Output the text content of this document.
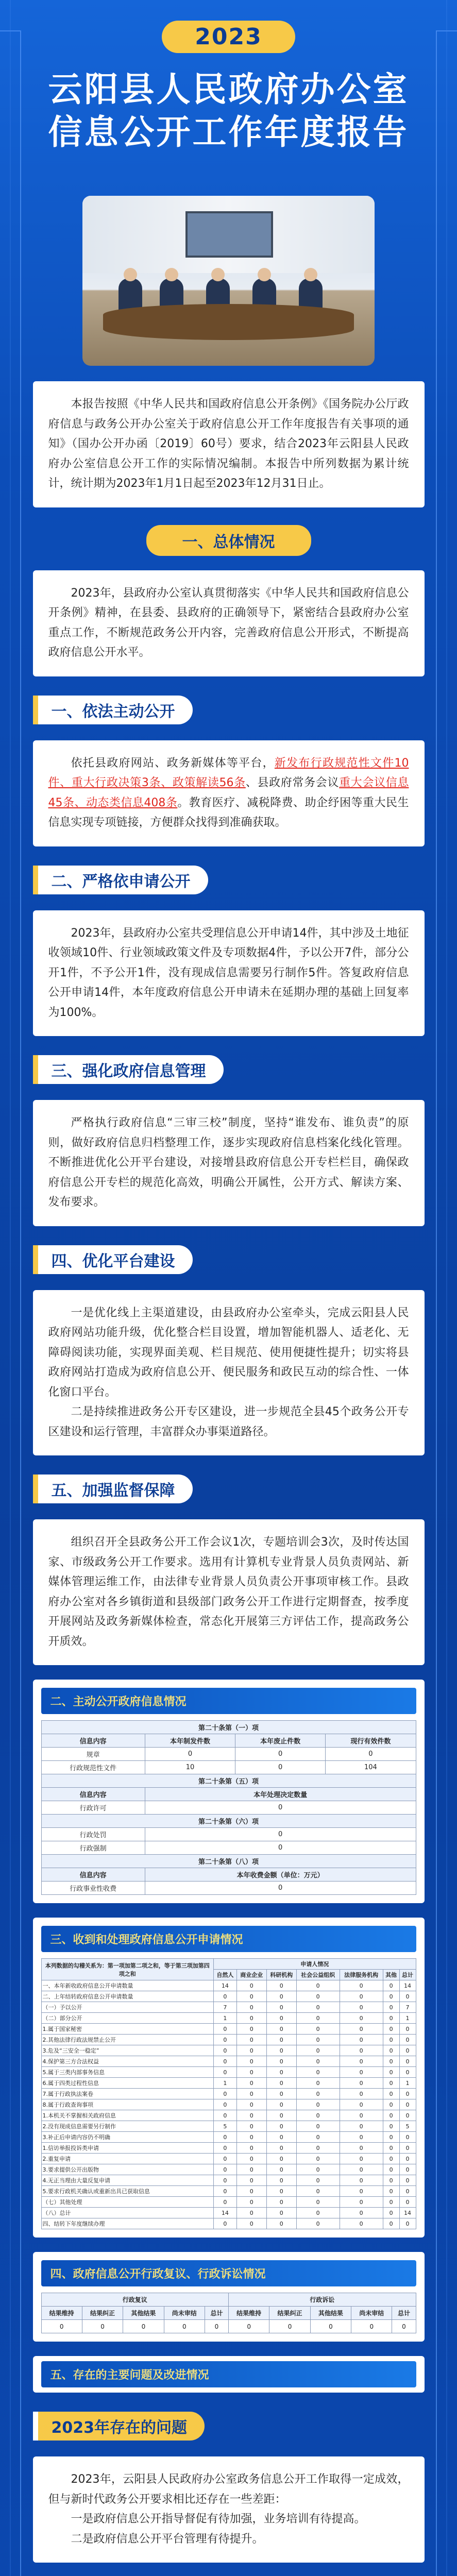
2023
云阳县人民政府办公室
信息公开工作年度报告

本报告按照《中华人民共和国政府信息公开条例》《国务院办公厅政府信息与政务公开办公室关于政府信息公开工作年度报告有关事项的通知》（国办公开办函〔2019〕60号）要求，结合2023年云阳县人民政府办公室信息公开工作的实际情况编制。本报告中所列数据为累计统计，统计期为2023年1月1日起至2023年12月31日止。

一、总体情况

2023年，县政府办公室认真贯彻落实《中华人民共和国政府信息公开条例》精神，在县委、县政府的正确领导下，紧密结合县政府办公室重点工作，不断规范政务公开内容，完善政府信息公开形式，不断提高政府信息公开水平。

一、依法主动公开

依托县政府网站、政务新媒体等平台，新发布行政规范性文件10件、重大行政决策3条、政策解读56条、县政府常务会议重大会议信息45条、动态类信息408条。教育医疗、减税降费、助企纾困等重大民生信息实现专项链接，方便群众找得到准确获取。

二、严格依申请公开

2023年，县政府办公室共受理信息公开申请14件，其中涉及土地征收领域10件、行业领域政策文件及专项数据4件，予以公开7件，部分公开1件，不予公开1件，没有现成信息需要另行制作5件。答复政府信息公开申请14件，本年度政府信息公开申请未在延期办理的基础上回复率为100%。

三、强化政府信息管理

严格执行政府信息“三审三校”制度，坚持“谁发布、谁负责”的原则，做好政府信息归档整理工作，逐步实现政府信息档案化线化管理。不断推进优化公开平台建设，对接增县政府信息公开专栏栏目，确保政府信息公开专栏的规范化高效，明确公开属性，公开方式、解读方案、发布要求。

四、优化平台建设

一是优化线上主渠道建设，由县政府办公室牵头，完成云阳县人民政府网站功能升级，优化整合栏目设置，增加智能机器人、适老化、无障碍阅读功能，实现界面美观、栏目规范、使用便捷性提升；切实将县政府网站打造成为政府信息公开、便民服务和政民互动的综合性、一体化窗口平台。

二是持续推进政务公开专区建设，进一步规范全县45个政务公开专区建设和运行管理，丰富群众办事渠道路径。

五、加强监督保障

组织召开全县政务公开工作会议1次，专题培训会3次，及时传达国家、市级政务公开工作要求。选用有计算机专业背景人员负责网站、新媒体管理运维工作，由法律专业背景人员负责公开事项审核工作。县政府办公室对各乡镇街道和县级部门政务公开工作进行定期督查，按季度开展网站及政务新媒体检查，常态化开展第三方评估工作，提高政务公开质效。

二、主动公开政府信息情况
第二十条第（一）项			
信息内容	本年制发件数	本年废止件数	现行有效件数
规章	0	0	0
行政规范性文件	10	0	104
第二十条第（五）项			
信息内容	本年处理决定数量		
行政许可	0		
第二十条第（六）项			
行政处罚	0		
行政强制	0		
第二十条第（八）项			
信息内容	本年收费金额（单位：万元）		
行政事业性收费	0		
三、收到和处理政府信息公开申请情况
本列数据的勾稽关系为：第一项加第二项之和，等于第三项加第四项之和	申请人情况						
	自然人	商业企业	科研机构	社会公益组织	法律服务机构	其他	总计
一、本年新收政府信息公开申请数量	14	0	0	0	0	0	14
二、上年结转政府信息公开申请数量	0	0	0	0	0	0	0
（一）予以公开	7	0	0	0	0	0	7
（二）部分公开	1	0	0	0	0	0	1
1.属于国家秘密	0	0	0	0	0	0	0
2.其他法律行政法规禁止公开	0	0	0	0	0	0	0
3.危及“三安全一稳定”	0	0	0	0	0	0	0
4.保护第三方合法权益	0	0	0	0	0	0	0
5.属于三类内部事务信息	0	0	0	0	0	0	0
6.属于四类过程性信息	1	0	0	0	0	0	1
7.属于行政执法案卷	0	0	0	0	0	0	0
8.属于行政查询事项	0	0	0	0	0	0	0
1.本机关不掌握相关政府信息	0	0	0	0	0	0	0
2.没有现成信息需要另行制作	5	0	0	0	0	0	5
3.补正后申请内容仍不明确	0	0	0	0	0	0	0
1.信访举报投诉类申请	0	0	0	0	0	0	0
2.重复申请	0	0	0	0	0	0	0
3.要求提供公开出版物	0	0	0	0	0	0	0
4.无正当理由大量反复申请	0	0	0	0	0	0	0
5.要求行政机关确认或重新出具已获取信息	0	0	0	0	0	0	0
（七）其他处理	0	0	0	0	0	0	0
（八）总计	14	0	0	0	0	0	14
四、结转下年度继续办理	0	0	0	0	0	0	0
四、政府信息公开行政复议、行政诉讼情况
行政复议					行政诉讼				
结果维持	结果纠正	其他结果	尚未审结	总计	结果维持	结果纠正	其他结果	尚未审结	总计
0	0	0	0	0	0	0	0	0	0
五、存在的主要问题及改进情况
2023年存在的问题

2023年，云阳县人民政府办公室政务信息公开工作取得一定成效，但与新时代政务公开要求相比还存在一些差距：

一是政府信息公开指导督促有待加强，业务培训有待提高。

二是政府信息公开平台管理有待提升。
